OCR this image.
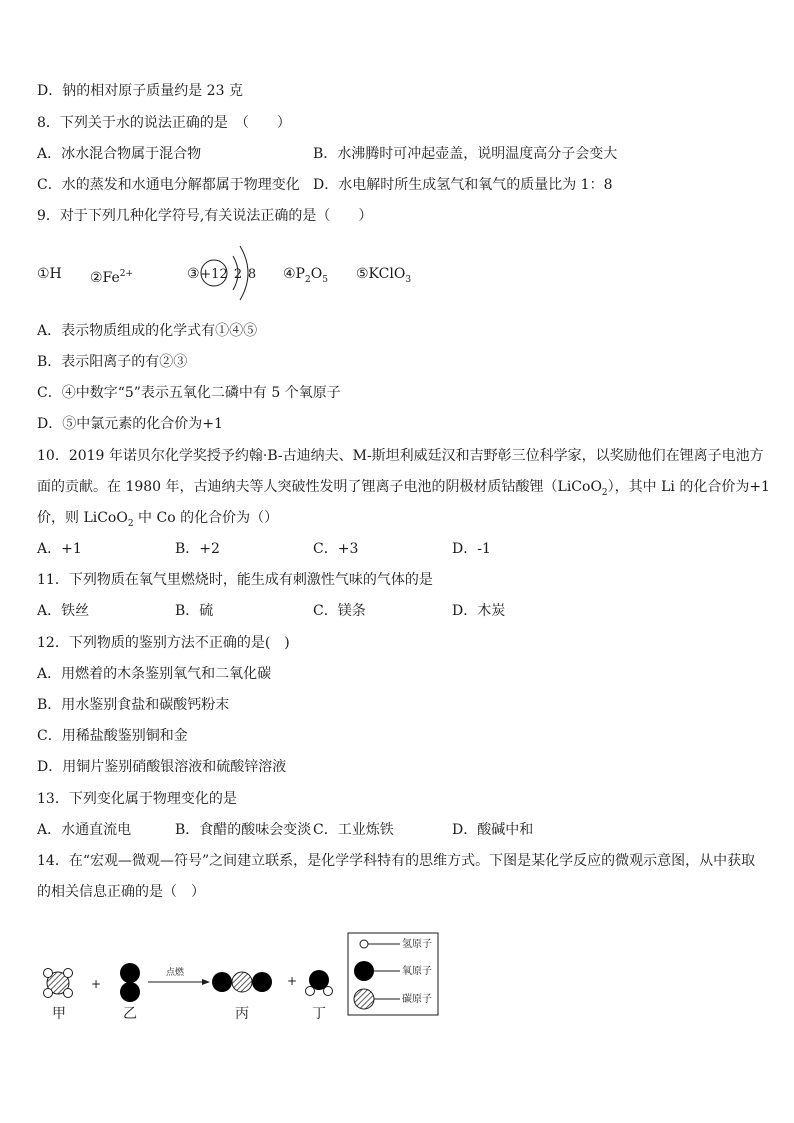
D．钠的相对原子质量约是 23 克
8．下列关于水的说法正确的是　（　　）
A．冰水混合物属于混合物	B．水沸腾时可冲起壶盖，说明温度高分子会变大
C．水的蒸发和水通电分解都属于物理变化 D．水电解时所生成氢气和氧气的质量比为 1：8
9．对于下列几种化学符号,有关说法正确的是（　　）
①H $②Fe^{2+}$	③ +12 2 8 $④P_2O_5$ ⑤KClO$_3$
A．表示物质组成的化学式有①④⑤
B．表示阳离子的有②③
C．④中数字“5”表示五氧化二磷中有 5 个氧原子
D．⑤中氯元素的化合价为+1
10．2019 年诺贝尔化学奖授予约翰·B-古迪纳夫、M-斯坦利威廷汉和吉野彰三位科学家，以奖励他们在锂离子电池方
面的贡献。在 1980 年，古迪纳夫等人突破性发明了锂离子电池的阴极材质钴酸锂（LiCoO$_2$），其中 Li 的化合价为+1
价，则 LiCoO$_2$ 中 Co 的化合价为（）
A．+1	B．+2	C．+3	D．-1
11．下列物质在氧气里燃烧时，能生成有刺激性气味的气体的是
A．铁丝	B．硫	C．镁条	D．木炭
12．下列物质的鉴别方法不正确的是(　)
A．用燃着的木条鉴别氧气和二氧化碳
B．用水鉴别食盐和碳酸钙粉末
C．用稀盐酸鉴别铜和金
D．用铜片鉴别硝酸银溶液和硫酸锌溶液
13．下列变化属于物理变化的是
A．水通直流电	B．食醋的酸味会变淡 C．工业炼铁	D．酸碱中和
14．在“宏观—微观—符号”之间建立联系，是化学学科特有的思维方式。下图是某化学反应的微观示意图，从中获取
的相关信息正确的是（　）
+
点燃
+
氢原子
氧原子
碳原子
甲	乙	丙	丁
